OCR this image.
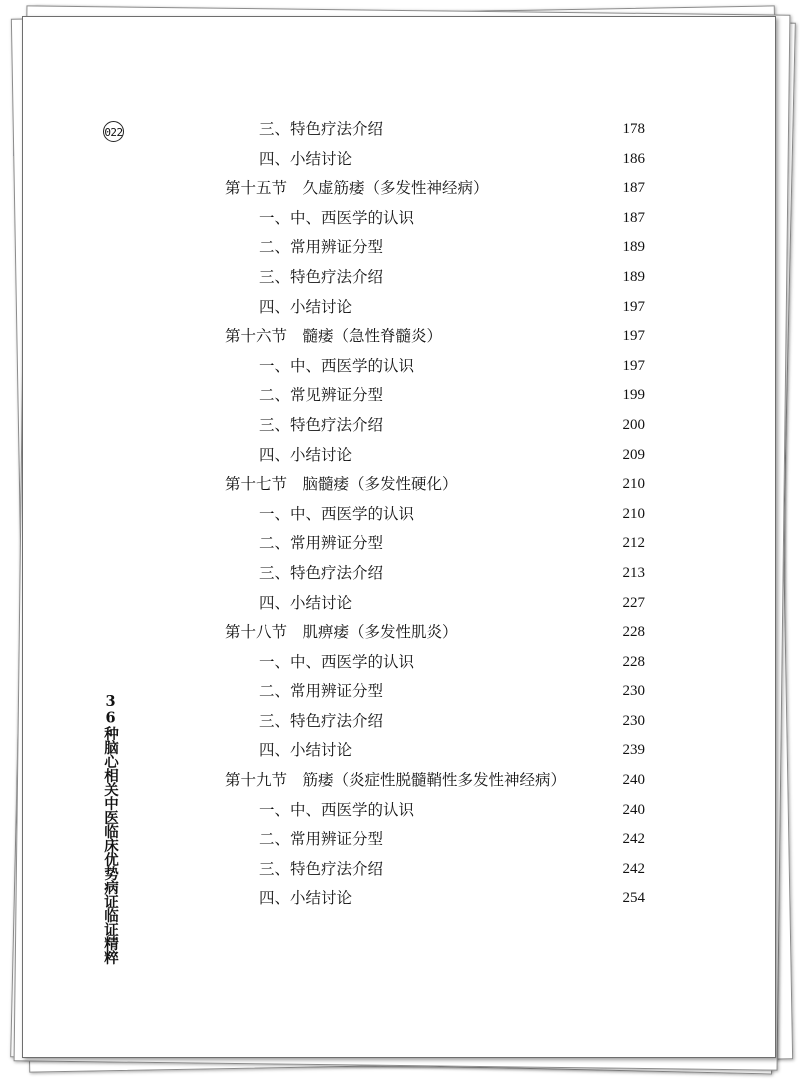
022
36种脑心相关中医临床优势病证临证精粹
三、特色疗法介绍	178
四、小结讨论	186
第十五节　久虚筋痿（多发性神经病）	187
一、中、西医学的认识	187
二、常用辨证分型	189
三、特色疗法介绍	189
四、小结讨论	197
第十六节　髓痿（急性脊髓炎）	197
一、中、西医学的认识	197
二、常见辨证分型	199
三、特色疗法介绍	200
四、小结讨论	209
第十七节　脑髓痿（多发性硬化）	210
一、中、西医学的认识	210
二、常用辨证分型	212
三、特色疗法介绍	213
四、小结讨论	227
第十八节　肌痹痿（多发性肌炎）	228
一、中、西医学的认识	228
二、常用辨证分型	230
三、特色疗法介绍	230
四、小结讨论	239
第十九节　筋痿（炎症性脱髓鞘性多发性神经病）	240
一、中、西医学的认识	240
二、常用辨证分型	242
三、特色疗法介绍	242
四、小结讨论	254
